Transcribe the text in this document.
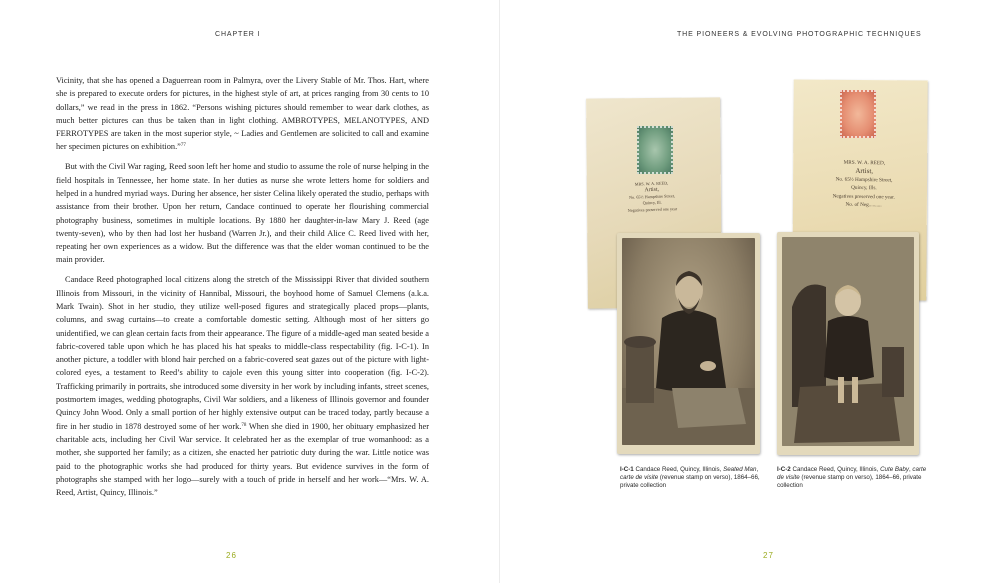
CHAPTER I

Vicinity, that she has opened a Daguerrean room in Palmyra, over the Livery Stable of Mr. Thos. Hart, where she is prepared to execute orders for pictures, in the highest style of art, at prices ranging from 30 cents to 10 dollars,” we read in the press in 1862. “Persons wishing pictures should remember to wear dark clothes, as much better pictures can thus be taken than in light clothing. AMBROTYPES, MELANOTYPES, AND FERROTYPES are taken in the most superior style, ~ Ladies and Gentlemen are solicited to call and examine her specimen pictures on exhibition.”$^{77}$

But with the Civil War raging, Reed soon left her home and studio to assume the role of nurse helping in the field hospitals in Tennessee, her home state. In her duties as nurse she wrote letters home for soldiers and helped in a hundred myriad ways. During her absence, her sister Celina likely operated the studio, perhaps with assistance from their brother. Upon her return, Candace continued to operate her flourishing commercial photography business, sometimes in multiple locations. By 1880 her daughter-in-law Mary J. Reed (age twenty-seven), who by then had lost her husband (Warren Jr.), and their child Alice C. Reed lived with her, repeating her own experiences as a widow. But the difference was that the elder woman continued to be the main provider.

Candace Reed photographed local citizens along the stretch of the Mississippi River that divided southern Illinois from Missouri, in the vicinity of Hannibal, Missouri, the boyhood home of Samuel Clemens (a.k.a. Mark Twain). Shot in her studio, they utilize well-posed figures and strategically placed props—plants, columns, and swag curtains—to create a comfortable domestic setting. Although most of her sitters go unidentified, we can glean certain facts from their appearance. The figure of a middle-aged man seated beside a fabric-covered table upon which he has placed his hat speaks to middle-class respectability (fig. I-C-1). In another picture, a toddler with blond hair perched on a fabric-covered seat gazes out of the picture with light-colored eyes, a testament to Reed’s ability to cajole even this young sitter into cooperation (fig. I-C-2). Trafficking primarily in portraits, she introduced some diversity in her work by including infants, street scenes, postmortem images, wedding photographs, Civil War soldiers, and a likeness of Illinois governor and founder Quincy John Wood. Only a small portion of her highly extensive output can be traced today, partly because a fire in her studio in 1878 destroyed some of her work.$^{78}$ When she died in 1900, her obituary emphasized her charitable acts, including her Civil War service. It celebrated her as the exemplar of true womanhood: as a mother, she supported her family; as a citizen, she enacted her patriotic duty during the war. Little notice was paid to the photographic works she had produced for thirty years. But evidence survives in the form of photographs she stamped with her logo—surely with a touch of pride in herself and her work—“Mrs. W. A. Reed, Artist, Quincy, Illinois.”

26
THE PIONEERS & EVOLVING PHOTOGRAPHIC TECHNIQUES
MRS. W. A. REED,
Artist,
No. 65½ Hampshire Street,
Quincy, Ill.
Negatives preserved one year
MRS. W. A. REED,
Artist,
No. 65½ Hampshire Street,
Quincy, Ills.
Negatives preserved one year.
No. of Neg..........
I-C-1 Candace Reed, Quincy, Illinois, Seated Man, carte de visite (revenue stamp on verso), 1864–66, private collection
I-C-2 Candace Reed, Quincy, Illinois, Cute Baby, carte de visite (revenue stamp on verso), 1864–66, private collection
27
